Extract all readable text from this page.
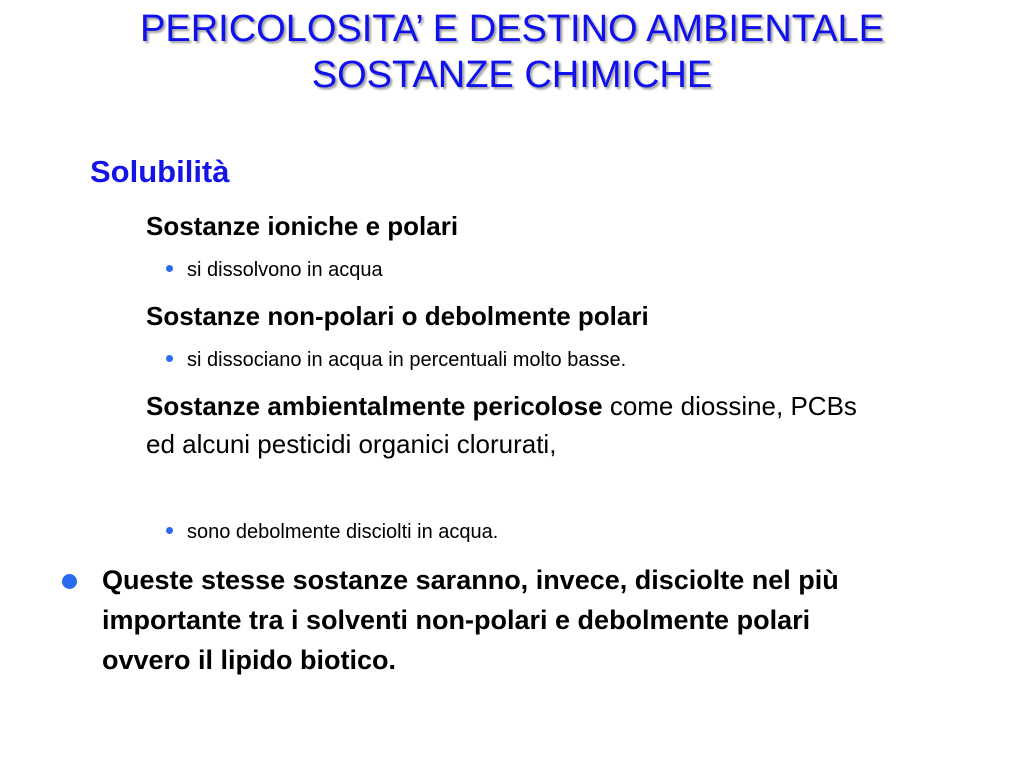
PERICOLOSITA’ E DESTINO AMBIENTALE
SOSTANZE CHIMICHE
Solubilità
Sostanze ioniche e polari
si dissolvono in acqua
Sostanze non-polari o debolmente polari
si dissociano in acqua in percentuali molto basse.
Sostanze ambientalmente pericolose come diossine, PCBs ed alcuni pesticidi organici clorurati,
sono debolmente disciolti in acqua.
Queste stesse sostanze saranno, invece, disciolte nel più importante tra i solventi non-polari e debolmente polari ovvero il lipido biotico.
